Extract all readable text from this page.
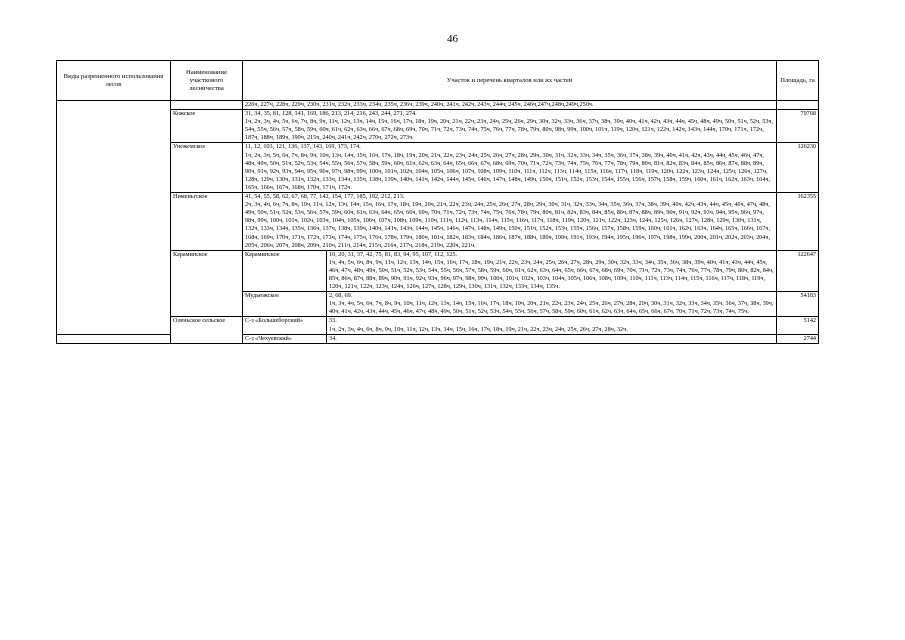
46
Виды разрешенного использования лесов	Наименование участкового лесничества	Участок и перечень кварталов или их частей		Площадь, га
		226ч, 227ч, 228ч, 229ч, 230ч, 231ч, 232ч, 233ч, 234ч, 235ч, 236ч, 239ч, 240ч, 241ч, 242ч, 243ч, 244ч, 245ч, 246ч,247ч,248ч,249ч,250ч.		
	Кожское	31, 34, 35, 81, 128, 141, 169, 186, 213, 214, 216, 243, 244, 271, 274.
1ч, 2ч, 3ч, 4ч, 5ч, 6ч, 7ч, 8ч, 9ч, 11ч, 12ч, 13ч, 14ч, 15ч, 16ч, 17ч, 18ч, 19ч, 20ч, 21ч, 22ч, 23ч, 24ч, 25ч, 26ч, 29ч, 30ч, 32ч, 33ч, 36ч, 37ч, 38ч, 39ч, 40ч, 41ч, 42ч, 43ч, 44ч, 45ч, 48ч, 49ч, 50ч, 51ч, 52ч, 53ч, 54ч, 55ч, 56ч, 57ч, 58ч, 59ч, 60ч, 61ч, 62ч, 63ч, 66ч, 67ч, 68ч, 69ч, 70ч, 71ч, 72ч, 73ч, 74ч, 75ч, 76ч, 77ч, 78ч, 79ч, 80ч, 98ч, 99ч, 100ч, 101ч, 119ч, 120ч, 121ч, 122ч, 142ч, 143ч, 144ч, 170ч, 171ч, 172ч, 187ч, 188ч, 189ч, 190ч, 215ч, 240ч, 241ч, 242ч, 270ч, 272ч, 273ч.		79768
	Унежемское	11, 12, 103, 121, 136, 137, 143, 169, 173, 174.
1ч, 2ч, 3ч, 5ч, 6ч, 7ч, 8ч, 9ч, 10ч, 13ч, 14ч, 15ч, 16ч, 17ч, 18ч, 19ч, 20ч, 21ч, 22ч, 23ч, 24ч, 25ч, 26ч, 27ч, 28ч, 29ч, 30ч, 31ч, 32ч, 33ч, 34ч, 35ч, 36ч, 37ч, 38ч, 39ч, 40ч, 41ч, 42ч, 43ч, 44ч, 45ч, 46ч, 47ч, 48ч, 49ч, 50ч, 51ч, 52ч, 53ч, 54ч, 55ч, 56ч, 57ч, 58ч, 59ч, 60ч, 61ч, 62ч, 63ч, 64ч, 65ч, 66ч, 67ч, 68ч, 69ч, 70ч, 71ч, 72ч, 73ч, 74ч, 75ч, 76ч, 77ч, 78ч, 79ч, 80ч, 81ч, 82ч, 83ч, 84ч, 85ч, 86ч, 87ч, 88ч, 89ч, 90ч, 91ч, 92ч, 93ч, 94ч, 95ч, 96ч, 97ч, 98ч, 99ч, 100ч, 101ч, 102ч, 104ч, 105ч, 106ч, 107ч, 108ч, 109ч, 110ч, 111ч, 112ч, 113ч, 114ч, 115ч, 116ч, 117ч, 118ч, 119ч, 120ч, 122ч, 123ч, 124ч, 125ч, 126ч, 127ч, 128ч, 129ч, 130ч, 131ч, 132ч, 133ч, 134ч, 135ч, 138ч, 139ч, 140ч, 141ч, 142ч, 144ч, 145ч, 146ч, 147ч, 148ч, 149ч, 150ч, 151ч, 152ч, 153ч, 154ч, 155ч, 156ч, 157ч, 158ч, 159ч, 160ч, 161ч, 162ч, 163ч, 164ч, 165ч, 166ч, 167ч, 168ч, 170ч, 171ч, 172ч.		126230
	Нименьгское	41, 54, 55, 58, 62, 67, 68, 77, 142, 154, 177, 185, 192, 212, 213.
2ч, 3ч, 4ч, 6ч, 7ч, 8ч, 10ч, 11ч, 12ч, 13ч, 14ч, 15ч, 16ч, 17ч, 18ч, 19ч, 20ч, 21ч, 22ч, 23ч, 24ч, 25ч, 26ч, 27ч, 28ч, 29ч, 30ч, 31ч, 32ч, 33ч, 34ч, 35ч, 36ч, 37ч, 38ч, 39ч, 40ч, 42ч, 43ч, 44ч, 45ч, 46ч, 47ч, 48ч, 49ч, 50ч, 51ч, 52ч, 53ч, 56ч, 57ч, 59ч, 60ч, 61ч, 63ч, 64ч, 65ч, 66ч, 69ч, 70ч, 71ч, 72ч, 73ч, 74ч, 75ч, 76ч, 78ч, 79ч, 80ч, 81ч, 82ч, 83ч, 84ч, 85ч, 86ч, 87ч, 88ч, 89ч, 90ч, 91ч, 92ч, 93ч, 94ч, 95ч, 96ч, 97ч, 98ч, 99ч, 100ч, 101ч, 102ч, 103ч, 104ч, 105ч, 106ч, 107ч, 108ч, 109ч, 110ч, 111ч, 112ч, 113ч, 114ч, 115ч, 116ч, 117ч, 118ч, 119ч, 120ч, 121ч, 122ч, 123ч, 124ч, 125ч, 126ч, 127ч, 128ч, 129ч, 130ч, 131ч, 132ч, 133ч, 134ч, 135ч, 136ч, 137ч, 138ч, 139ч, 140ч, 141ч, 143ч, 144ч, 145ч, 146ч, 147ч, 148ч, 149ч, 150ч, 151ч, 152ч, 153ч, 155ч, 156ч, 157ч, 158ч, 159ч, 160ч, 161ч, 162ч, 163ч, 164ч, 165ч, 166ч, 167ч, 168ч, 169ч, 170ч, 171ч, 172ч, 173ч, 174ч, 175ч, 176ч, 178ч, 179ч, 180ч, 181ч, 182ч, 183ч, 184ч, 186ч, 187ч, 188ч, 189ч, 190ч, 191ч, 193ч, 194ч, 195ч, 196ч, 197ч, 198ч, 199ч, 200ч, 201ч, 202ч, 203ч, 204ч, 205ч, 206ч, 207ч, 208ч, 209ч, 210ч, 211ч, 214ч, 215ч, 216ч, 217ч, 218ч, 219ч, 220ч, 221ч.		162355
	Караминское	Караминское	10, 20, 31, 37, 42, 75, 81, 83, 94, 95, 107, 112, 125.
1ч, 4ч, 5ч, 6ч, 8ч, 9ч, 11ч, 12ч, 13ч, 14ч, 15ч, 16ч, 17ч, 18ч, 19ч, 21ч, 22ч, 23ч, 24ч, 25ч, 26ч, 27ч, 28ч, 29ч, 30ч, 32ч, 33ч, 34ч, 35ч, 36ч, 38ч, 39ч, 40ч, 41ч, 43ч, 44ч, 45ч, 46ч, 47ч, 48ч, 49ч, 50ч, 51ч, 52ч, 53ч, 54ч, 55ч, 56ч, 57ч, 58ч, 59ч, 60ч, 61ч, 62ч, 63ч, 64ч, 65ч, 66ч, 67ч, 68ч, 69ч, 70ч, 71ч, 72ч, 73ч, 74ч, 76ч, 77ч, 78ч, 79ч, 80ч, 82ч, 84ч, 85ч, 86ч, 87ч, 88ч, 89ч, 90ч, 91ч, 92ч, 93ч, 96ч, 97ч, 98ч, 99ч, 100ч, 101ч, 102ч, 103ч, 104ч, 105ч, 106ч, 108ч, 109ч, 110ч, 111ч, 113ч, 114ч, 115ч, 116ч, 117ч, 118ч, 119ч, 120ч, 121ч, 122ч, 123ч, 124ч, 126ч, 127ч, 128ч, 129ч, 130ч, 131ч, 132ч, 133ч, 134ч, 135ч.	122647
		Мудьюжское	2, 68, 69.
1ч, 3ч, 4ч, 5ч, 6ч, 7ч, 8ч, 9ч, 10ч, 11ч, 12ч, 13ч, 14ч, 15ч, 16ч, 17ч, 18ч, 19ч, 20ч, 21ч, 22ч, 23ч, 24ч, 25ч, 26ч, 27ч, 28ч, 29ч, 30ч, 31ч, 32ч, 33ч, 34ч, 35ч, 36ч, 37ч, 38ч, 39ч, 40ч, 41ч, 42ч, 43ч, 44ч, 45ч, 46ч, 47ч, 48ч, 49ч, 50ч, 51ч, 52ч, 53ч, 54ч, 55ч, 56ч, 57ч, 58ч, 59ч, 60ч, 61ч, 62ч, 63ч, 64ч, 65ч, 66ч, 67ч, 70ч, 71ч, 72ч, 73ч, 74ч, 75ч.	54183
	Оленьское сельское	С-з «Большеборский»	33.
1ч, 2ч, 3ч, 4ч, 6ч, 8ч, 9ч, 10ч, 11ч, 12ч, 13ч, 14ч, 15ч, 16ч, 17ч, 18ч, 19ч, 21ч, 22ч, 23ч, 24ч, 25ч, 26ч, 27ч, 28ч, 32ч.	5142
		С-з «Чехуевский»	34.	2744
